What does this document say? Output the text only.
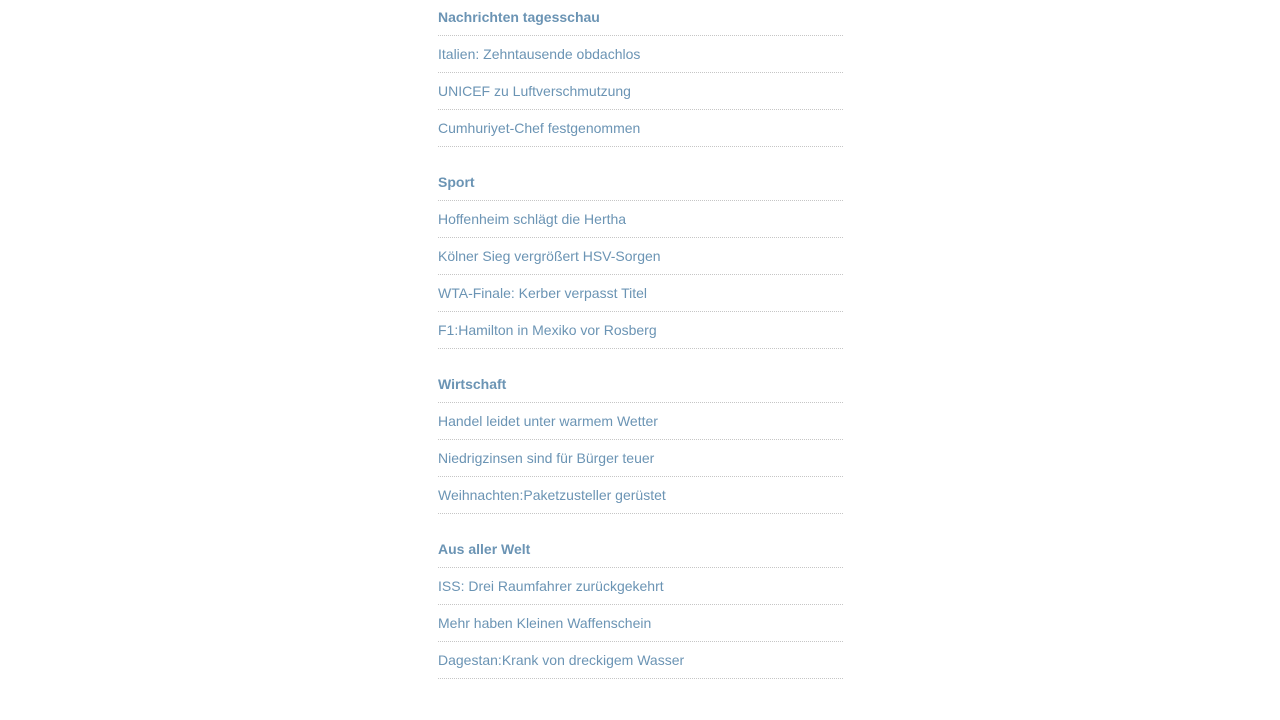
Nachrichten tagesschau
Italien: Zehntausende obdachlos
UNICEF zu Luftverschmutzung
Cumhuriyet-Chef festgenommen
Sport
Hoffenheim schlägt die Hertha
Kölner Sieg vergrößert HSV-Sorgen
WTA-Finale: Kerber verpasst Titel
F1:Hamilton in Mexiko vor Rosberg
Wirtschaft
Handel leidet unter warmem Wetter
Niedrigzinsen sind für Bürger teuer
Weihnachten:Paketzusteller gerüstet
Aus aller Welt
ISS: Drei Raumfahrer zurückgekehrt
Mehr haben Kleinen Waffenschein
Dagestan:Krank von dreckigem Wasser
